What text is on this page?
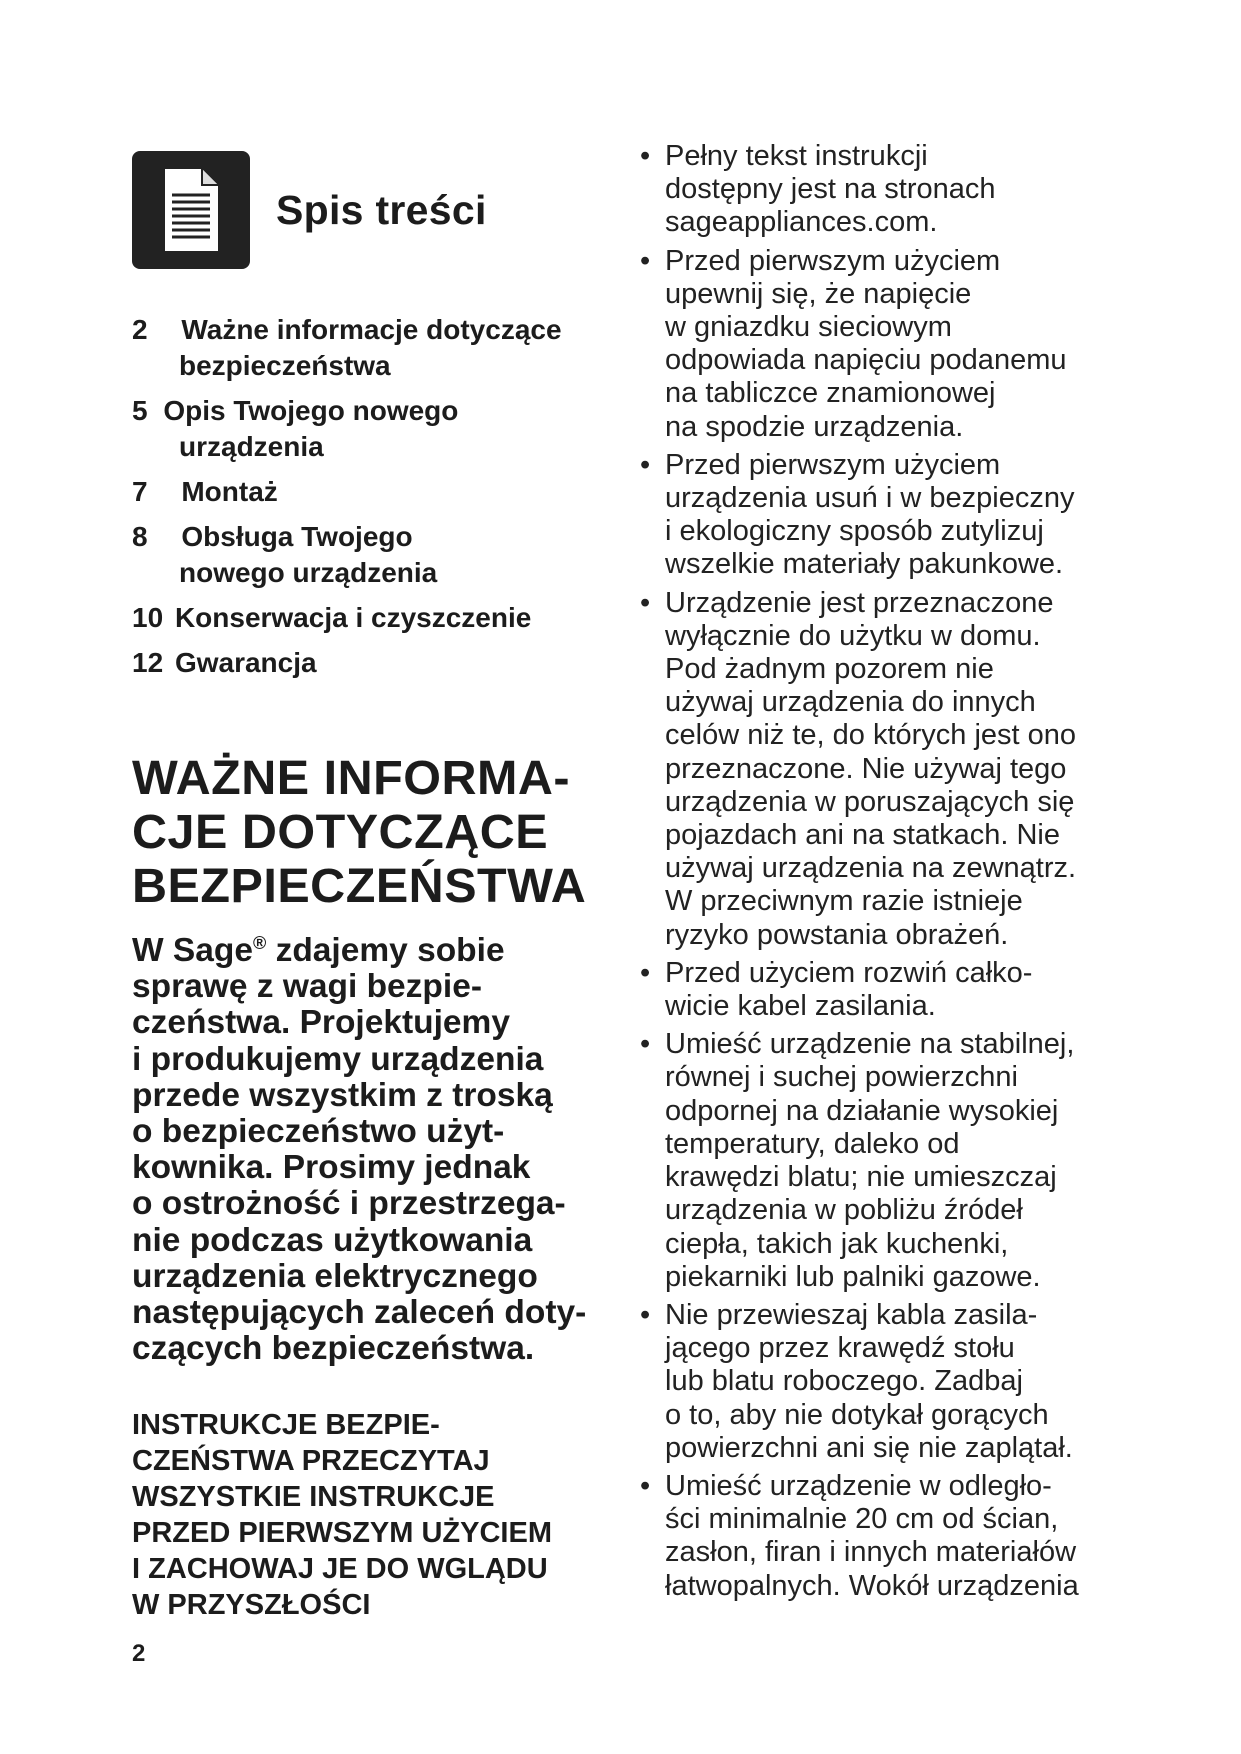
Spis treści
2 Ważne informacje dotyczące
bezpieczeństwa
5 Opis Twojego nowego
urządzenia
7 Montaż
8 Obsługa Twojego
nowego urządzenia
10 Konserwacja i czyszczenie
12 Gwarancja
WAŻNE INFORMA-
CJE DOTYCZĄCE
BEZPIECZEŃSTWA
W Sage® zdajemy sobie
sprawę z wagi bezpie-
czeństwa. Projektujemy
i produkujemy urządzenia
przede wszystkim z troską
o bezpieczeństwo użyt-
kownika. Prosimy jednak
o ostrożność i przestrzega-
nie podczas użytkowania
urządzenia elektrycznego
następujących zaleceń doty-
czących bezpieczeństwa.
INSTRUKCJE BEZPIE-
CZEŃSTWA PRZECZYTAJ
WSZYSTKIE INSTRUKCJE
PRZED PIERWSZYM UŻYCIEM
I ZACHOWAJ JE DO WGLĄDU
W PRZYSZŁOŚCI
2
• Pełny tekst instrukcji
dostępny jest na stronach
sageappliances.com.
• Przed pierwszym użyciem
upewnij się, że napięcie
w gniazdku sieciowym
odpowiada napięciu podanemu
na tabliczce znamionowej
na spodzie urządzenia.
• Przed pierwszym użyciem
urządzenia usuń i w bezpieczny
i ekologiczny sposób zutylizuj
wszelkie materiały pakunkowe.
• Urządzenie jest przeznaczone
wyłącznie do użytku w domu.
Pod żadnym pozorem nie
używaj urządzenia do innych
celów niż te, do których jest ono
przeznaczone. Nie używaj tego
urządzenia w poruszających się
pojazdach ani na statkach. Nie
używaj urządzenia na zewnątrz.
W przeciwnym razie istnieje
ryzyko powstania obrażeń.
• Przed użyciem rozwiń całko-
wicie kabel zasilania.
• Umieść urządzenie na stabilnej,
równej i suchej powierzchni
odpornej na działanie wysokiej
temperatury, daleko od
krawędzi blatu; nie umieszczaj
urządzenia w pobliżu źródeł
ciepła, takich jak kuchenki,
piekarniki lub palniki gazowe.
• Nie przewieszaj kabla zasila-
jącego przez krawędź stołu
lub blatu roboczego. Zadbaj
o to, aby nie dotykał gorących
powierzchni ani się nie zaplątał.
• Umieść urządzenie w odległo-
ści minimalnie 20 cm od ścian,
zasłon, firan i innych materiałów
łatwopalnych. Wokół urządzenia
